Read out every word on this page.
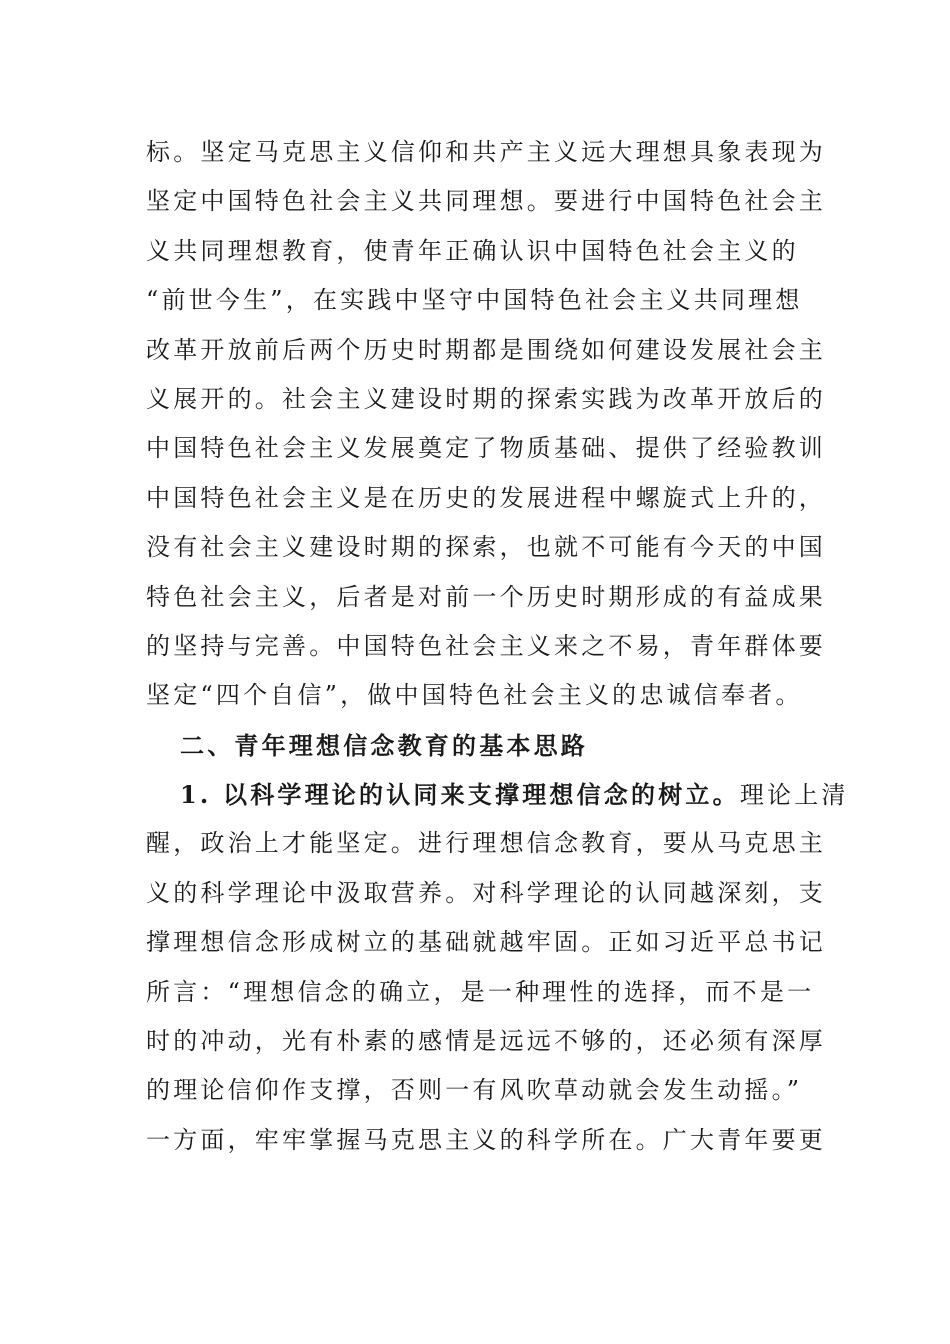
标。坚定马克思主义信仰和共产主义远大理想具象表现为
坚定中国特色社会主义共同理想。要进行中国特色社会主
义共同理想教育，使青年正确认识中国特色社会主义的
“前世今生”，在实践中坚守中国特色社会主义共同理想
改革开放前后两个历史时期都是围绕如何建设发展社会主
义展开的。社会主义建设时期的探索实践为改革开放后的
中国特色社会主义发展奠定了物质基础、提供了经验教训
中国特色社会主义是在历史的发展进程中螺旋式上升的，
没有社会主义建设时期的探索，也就不可能有今天的中国
特色社会主义，后者是对前一个历史时期形成的有益成果
的坚持与完善。中国特色社会主义来之不易，青年群体要
坚定“四个自信”，做中国特色社会主义的忠诚信奉者。
二、青年理想信念教育的基本思路
1. 以科学理论的认同来支撑理想信念的树立。理论上清
醒，政治上才能坚定。进行理想信念教育，要从马克思主
义的科学理论中汲取营养。对科学理论的认同越深刻，支
撑理想信念形成树立的基础就越牢固。正如习近平总书记
所言：“理想信念的确立，是一种理性的选择，而不是一
时的冲动，光有朴素的感情是远远不够的，还必须有深厚
的理论信仰作支撑，否则一有风吹草动就会发生动摇。”
一方面，牢牢掌握马克思主义的科学所在。广大青年要更
